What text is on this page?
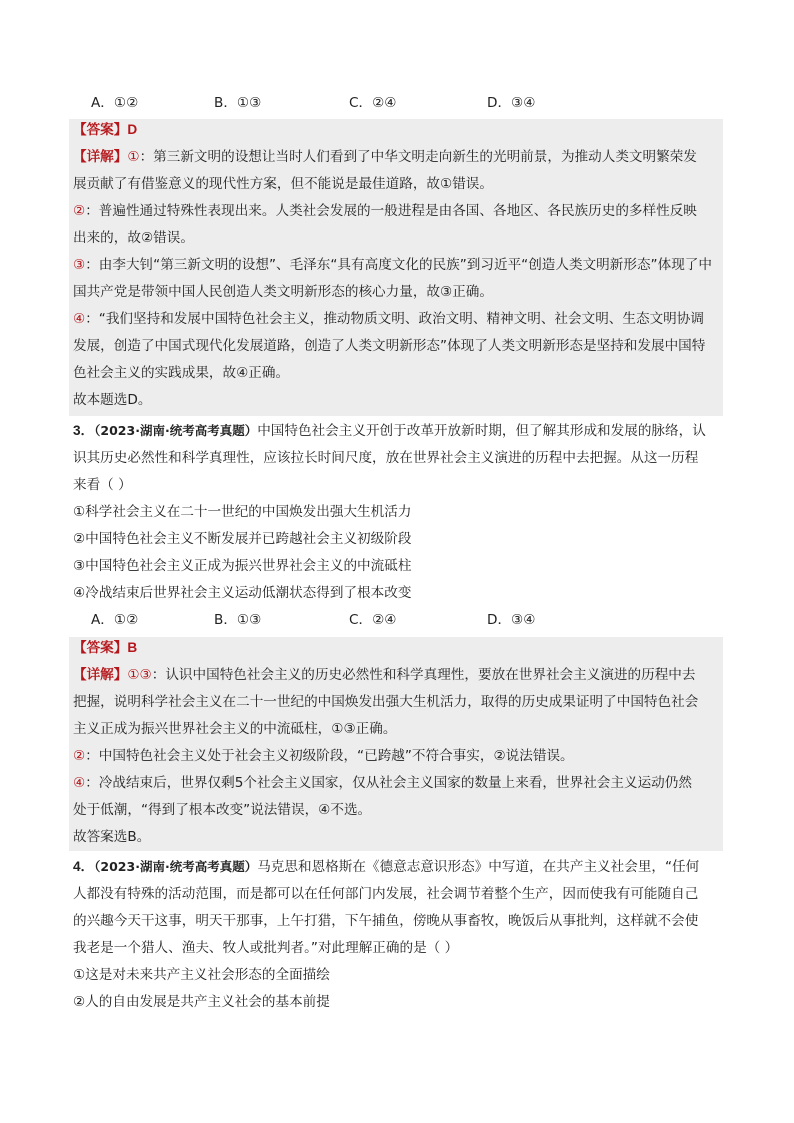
A．①②	B．①③	C．②④	D．③④
【答案】D
【详解】①：第三新文明的设想让当时人们看到了中华文明走向新生的光明前景，为推动人类文明繁荣发
展贡献了有借鉴意义的现代性方案，但不能说是最佳道路，故①错误。
②：普遍性通过特殊性表现出来。人类社会发展的一般进程是由各国、各地区、各民族历史的多样性反映
出来的，故②错误。
③：由李大钊“第三新文明的设想”、毛泽东“具有高度文化的民族”到习近平“创造人类文明新形态”体现了中
国共产党是带领中国人民创造人类文明新形态的核心力量，故③正确。
④：“我们坚持和发展中国特色社会主义，推动物质文明、政治文明、精神文明、社会文明、生态文明协调
发展，创造了中国式现代化发展道路，创造了人类文明新形态”体现了人类文明新形态是坚持和发展中国特
色社会主义的实践成果，故④正确。
故本题选D。
3．（2023·湖南·统考高考真题）中国特色社会主义开创于改革开放新时期，但了解其形成和发展的脉络，认
识其历史必然性和科学真理性，应该拉长时间尺度，放在世界社会主义演进的历程中去把握。从这一历程
来看（ ）
①科学社会主义在二十一世纪的中国焕发出强大生机活力
②中国特色社会主义不断发展并已跨越社会主义初级阶段
③中国特色社会主义正成为振兴世界社会主义的中流砥柱
④冷战结束后世界社会主义运动低潮状态得到了根本改变
A．①②	B．①③	C．②④	D．③④
【答案】B
【详解】①③：认识中国特色社会主义的历史必然性和科学真理性，要放在世界社会主义演进的历程中去
把握，说明科学社会主义在二十一世纪的中国焕发出强大生机活力，取得的历史成果证明了中国特色社会
主义正成为振兴世界社会主义的中流砥柱，①③正确。
②：中国特色社会主义处于社会主义初级阶段，“已跨越”不符合事实，②说法错误。
④：冷战结束后，世界仅剩5个社会主义国家，仅从社会主义国家的数量上来看，世界社会主义运动仍然
处于低潮，“得到了根本改变”说法错误，④不选。
故答案选B。
4．（2023·湖南·统考高考真题）马克思和恩格斯在《德意志意识形态》中写道，在共产主义社会里，“任何
人都没有特殊的活动范围，而是都可以在任何部门内发展，社会调节着整个生产，因而使我有可能随自己
的兴趣今天干这事，明天干那事，上午打猎，下午捕鱼，傍晚从事畜牧，晚饭后从事批判，这样就不会使
我老是一个猎人、渔夫、牧人或批判者。”对此理解正确的是（ ）
①这是对未来共产主义社会形态的全面描绘
②人的自由发展是共产主义社会的基本前提
